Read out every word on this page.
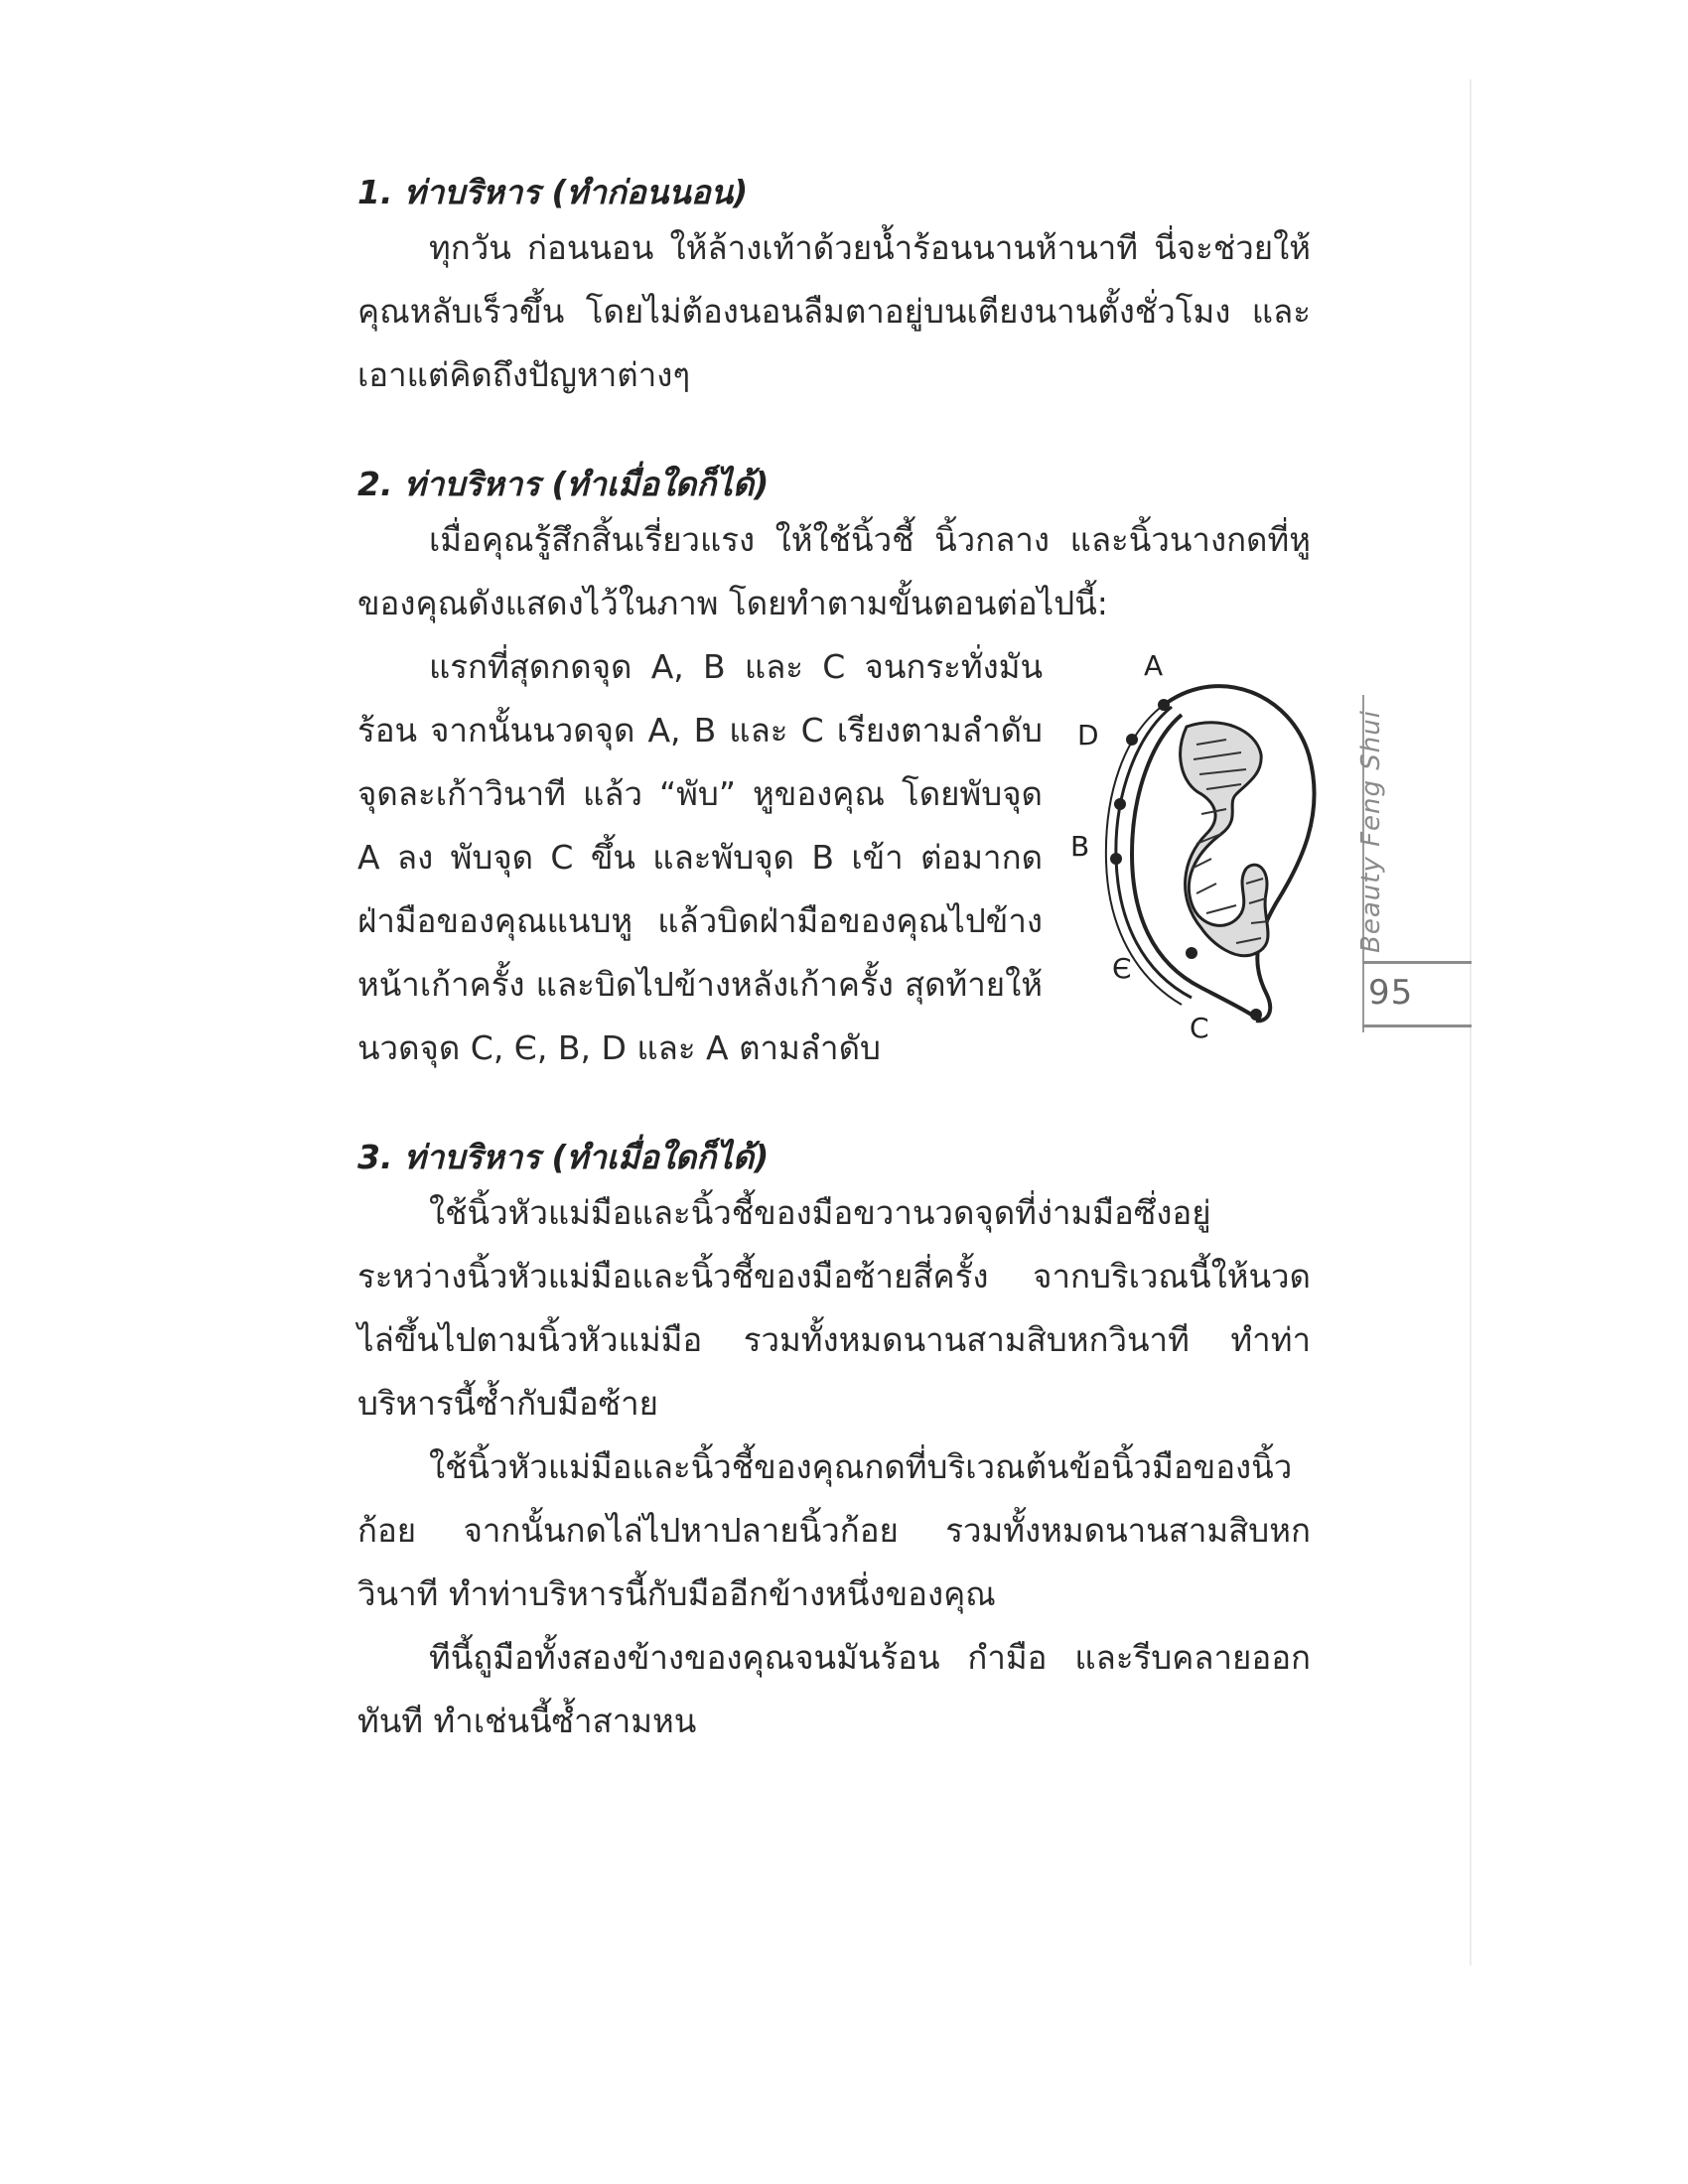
1. ท่าบริหาร (ทำก่อนนอน)

ทุกวัน ก่อนนอน ให้ล้างเท้าด้วยน้ำร้อนนานห้านาที นี่จะช่วยให้คุณหลับเร็วขึ้น โดยไม่ต้องนอนลืมตาอยู่บนเตียงนานตั้งชั่วโมง และเอาแต่คิดถึงปัญหาต่างๆ

2. ท่าบริหาร (ทำเมื่อใดก็ได้)

เมื่อคุณรู้สึกสิ้นเรี่ยวแรง ให้ใช้นิ้วชี้ นิ้วกลาง และนิ้วนางกดที่หูของคุณดังแสดงไว้ในภาพ โดยทำตามขั้นตอนต่อไปนี้:

แรกที่สุดกดจุด A, B และ C จนกระทั่งมันร้อน จากนั้นนวดจุด A, B และ C เรียงตามลำดับจุดละเก้าวินาที แล้ว “พับ” หูของคุณ โดยพับจุด A ลง พับจุด C ขึ้น และพับจุด B เข้า ต่อมากดฝ่ามือของคุณแนบหู แล้วบิดฝ่ามือของคุณไปข้างหน้าเก้าครั้ง และบิดไปข้างหลังเก้าครั้ง สุดท้ายให้นวดจุด C, Є, B, D และ A ตามลำดับ

A
D
B
Є
C
3. ท่าบริหาร (ทำเมื่อใดก็ได้)

ใช้นิ้วหัวแม่มือและนิ้วชี้ของมือขวานวดจุดที่ง่ามมือซึ่งอยู่ระหว่างนิ้วหัวแม่มือและนิ้วชี้ของมือซ้ายสี่ครั้ง จากบริเวณนี้ให้นวดไล่ขึ้นไปตามนิ้วหัวแม่มือ รวมทั้งหมดนานสามสิบหกวินาที ทำท่าบริหารนี้ซ้ำกับมือซ้าย

ใช้นิ้วหัวแม่มือและนิ้วชี้ของคุณกดที่บริเวณต้นข้อนิ้วมือของนิ้วก้อย จากนั้นกดไล่ไปหาปลายนิ้วก้อย รวมทั้งหมดนานสามสิบหกวินาที ทำท่าบริหารนี้กับมืออีกข้างหนึ่งของคุณ

ทีนี้ถูมือทั้งสองข้างของคุณจนมันร้อน กำมือ และรีบคลายออกทันที ทำเช่นนี้ซ้ำสามหน

Beauty Feng Shui
95
